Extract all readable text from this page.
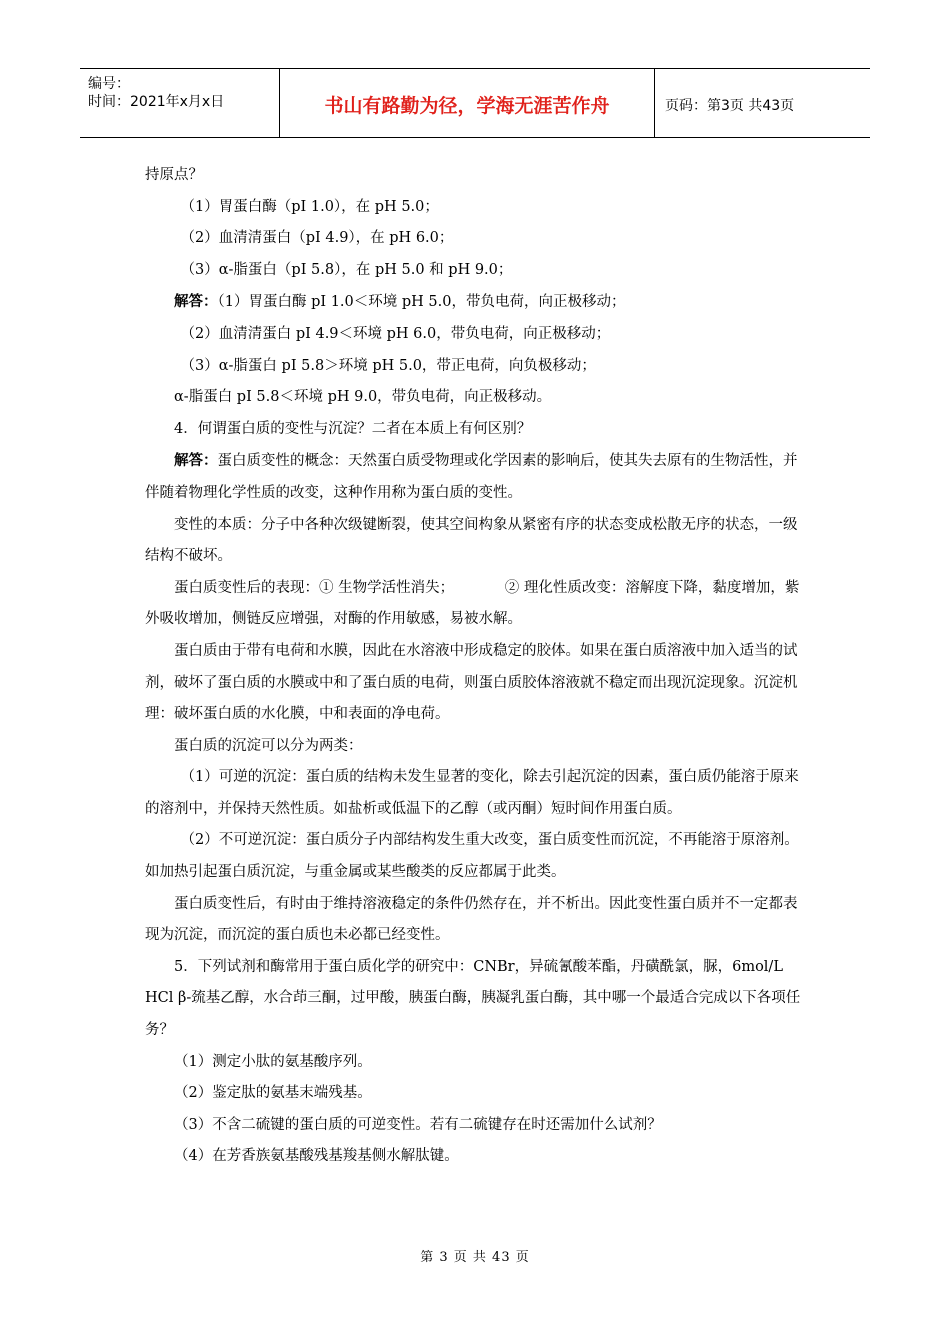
编号：
时间：2021年x月x日	书山有路勤为径，学海无涯苦作舟	页码：第3页 共43页

持原点？

（1）胃蛋白酶（pI 1.0），在 pH 5.0；

（2）血清清蛋白（pI 4.9），在 pH 6.0；

（3）α-脂蛋白（pI 5.8），在 pH 5.0 和 pH 9.0；

解答：（1）胃蛋白酶 pI 1.0＜环境 pH 5.0，带负电荷，向正极移动；

（2）血清清蛋白 pI 4.9＜环境 pH 6.0，带负电荷，向正极移动；

（3）α-脂蛋白 pI 5.8＞环境 pH 5.0，带正电荷，向负极移动；

α-脂蛋白 pI 5.8＜环境 pH 9.0，带负电荷，向正极移动。

4．何谓蛋白质的变性与沉淀？二者在本质上有何区别？

解答：蛋白质变性的概念：天然蛋白质受物理或化学因素的影响后，使其失去原有的生物活性，并伴随着物理化学性质的改变，这种作用称为蛋白质的变性。

变性的本质：分子中各种次级键断裂，使其空间构象从紧密有序的状态变成松散无序的状态，一级结构不破坏。

蛋白质变性后的表现：① 生物学活性消失；           ② 理化性质改变：溶解度下降，黏度增加，紫外吸收增加，侧链反应增强，对酶的作用敏感，易被水解。

蛋白质由于带有电荷和水膜，因此在水溶液中形成稳定的胶体。如果在蛋白质溶液中加入适当的试剂，破坏了蛋白质的水膜或中和了蛋白质的电荷，则蛋白质胶体溶液就不稳定而出现沉淀现象。沉淀机理：破坏蛋白质的水化膜，中和表面的净电荷。

蛋白质的沉淀可以分为两类：

（1）可逆的沉淀：蛋白质的结构未发生显著的变化，除去引起沉淀的因素，蛋白质仍能溶于原来的溶剂中，并保持天然性质。如盐析或低温下的乙醇（或丙酮）短时间作用蛋白质。

（2）不可逆沉淀：蛋白质分子内部结构发生重大改变，蛋白质变性而沉淀，不再能溶于原溶剂。如加热引起蛋白质沉淀，与重金属或某些酸类的反应都属于此类。

蛋白质变性后，有时由于维持溶液稳定的条件仍然存在，并不析出。因此变性蛋白质并不一定都表现为沉淀，而沉淀的蛋白质也未必都已经变性。

5．下列试剂和酶常用于蛋白质化学的研究中：CNBr，异硫氰酸苯酯，丹磺酰氯，脲，6mol/L HCl β-巯基乙醇，水合茚三酮，过甲酸，胰蛋白酶，胰凝乳蛋白酶，其中哪一个最适合完成以下各项任务？

（1）测定小肽的氨基酸序列。

（2）鉴定肽的氨基末端残基。

（3）不含二硫键的蛋白质的可逆变性。若有二硫键存在时还需加什么试剂？

（4）在芳香族氨基酸残基羧基侧水解肽键。

第 3 页 共 43 页
